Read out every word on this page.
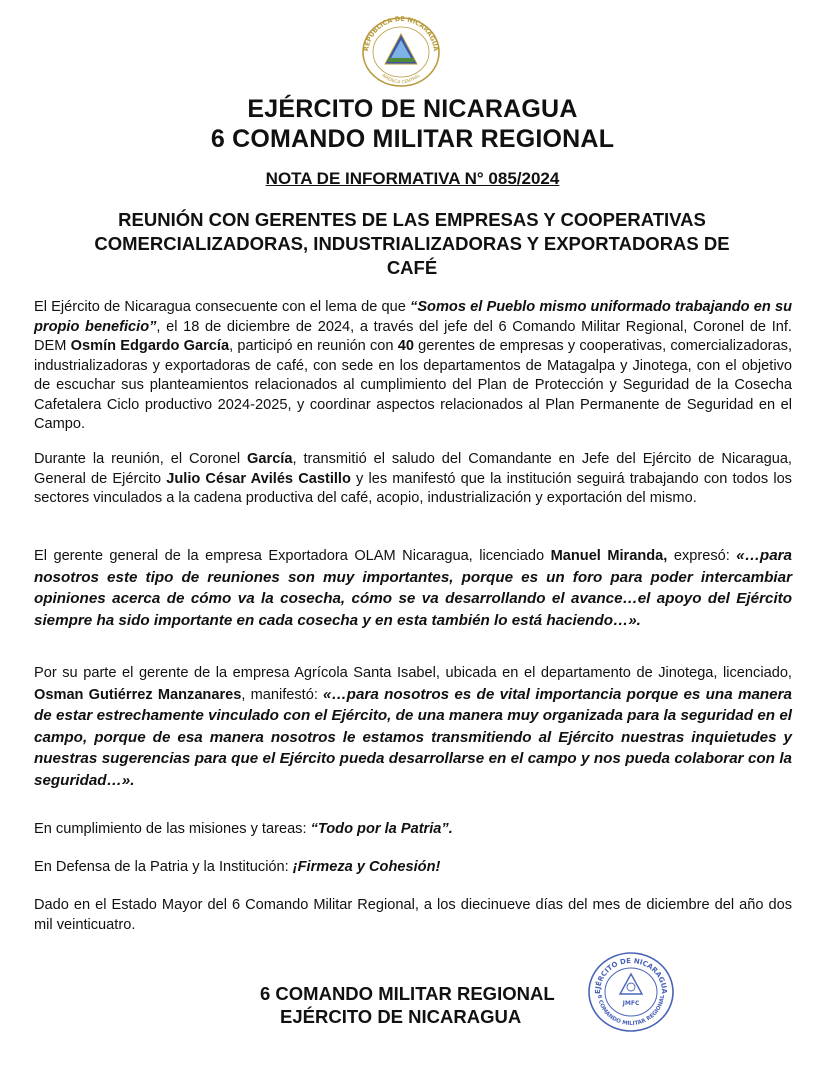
REPÚBLICA DE NICARAGUA
AMÉRICA CENTRAL
EJÉRCITO DE NICARAGUA
6 COMANDO MILITAR REGIONAL
NOTA DE INFORMATIVA N° 085/2024
REUNIÓN CON GERENTES DE LAS EMPRESAS Y COOPERATIVAS COMERCIALIZADORAS, INDUSTRIALIZADORAS Y EXPORTADORAS DE CAFÉ
El Ejército de Nicaragua consecuente con el lema de que “Somos el Pueblo mismo uniformado trabajando en su propio beneficio”, el 18 de diciembre de 2024, a través del jefe del 6 Comando Militar Regional, Coronel de Inf. DEM Osmín Edgardo García, participó en reunión con 40 gerentes de empresas y cooperativas, comercializadoras, industrializadoras y exportadoras de café, con sede en los departamentos de Matagalpa y Jinotega, con el objetivo de escuchar sus planteamientos relacionados al cumplimiento del Plan de Protección y Seguridad de la Cosecha Cafetalera Ciclo productivo 2024-2025, y coordinar aspectos relacionados al Plan Permanente de Seguridad en el Campo.
Durante la reunión, el Coronel García, transmitió el saludo del Comandante en Jefe del Ejército de Nicaragua, General de Ejército Julio César Avilés Castillo y les manifestó que la institución seguirá trabajando con todos los sectores vinculados a la cadena productiva del café, acopio, industrialización y exportación del mismo.
El gerente general de la empresa Exportadora OLAM Nicaragua, licenciado Manuel Miranda, expresó: «…para nosotros este tipo de reuniones son muy importantes, porque es un foro para poder intercambiar opiniones acerca de cómo va la cosecha, cómo se va desarrollando el avance…el apoyo del Ejército siempre ha sido importante en cada cosecha y en esta también lo está haciendo…».
Por su parte el gerente de la empresa Agrícola Santa Isabel, ubicada en el departamento de Jinotega, licenciado, Osman Gutiérrez Manzanares, manifestó: «…para nosotros es de vital importancia porque es una manera de estar estrechamente vinculado con el Ejército, de una manera muy organizada para la seguridad en el campo, porque de esa manera nosotros le estamos transmitiendo al Ejército nuestras inquietudes y nuestras sugerencias para que el Ejército pueda desarrollarse en el campo y nos pueda colaborar con la seguridad…».
En cumplimiento de las misiones y tareas: “Todo por la Patria”.
En Defensa de la Patria y la Institución: ¡Firmeza y Cohesión!
Dado en el Estado Mayor del 6 Comando Militar Regional, a los diecinueve días del mes de diciembre del año dos mil veinticuatro.
6 COMANDO MILITAR REGIONAL
EJÉRCITO DE NICARAGUA
EJÉRCITO DE NICARAGUA
6 COMANDO MILITAR REGIONAL
JMFC
